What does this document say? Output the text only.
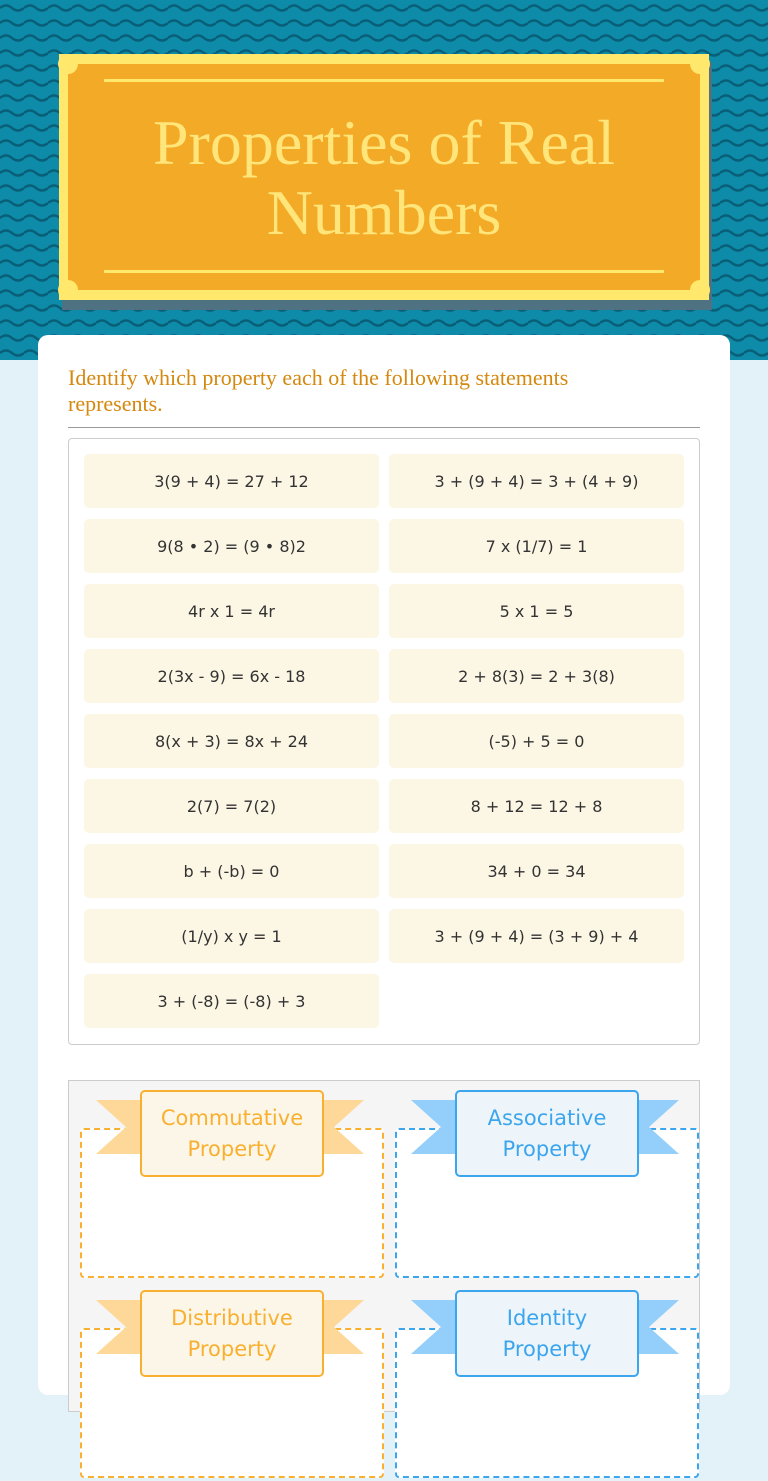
Properties of Real
Numbers
Identify which property each of the following statements represents.
3(9 + 4) = 27 + 12	3 + (9 + 4) = 3 + (4 + 9)
9(8 • 2) = (9 • 8)2	7 x (1/7) = 1
4r x 1 = 4r	5 x 1 = 5
2(3x - 9) = 6x - 18	2 + 8(3) = 2 + 3(8)
8(x + 3) = 8x + 24	(-5) + 5 = 0
2(7) = 7(2)	8 + 12 = 12 + 8
b + (-b) = 0	34 + 0 = 34
(1/y) x y = 1	3 + (9 + 4) = (3 + 9) + 4
3 + (-8) = (-8) + 3
Commutative
Property
Associative
Property
Distributive
Property
Identity
Property
